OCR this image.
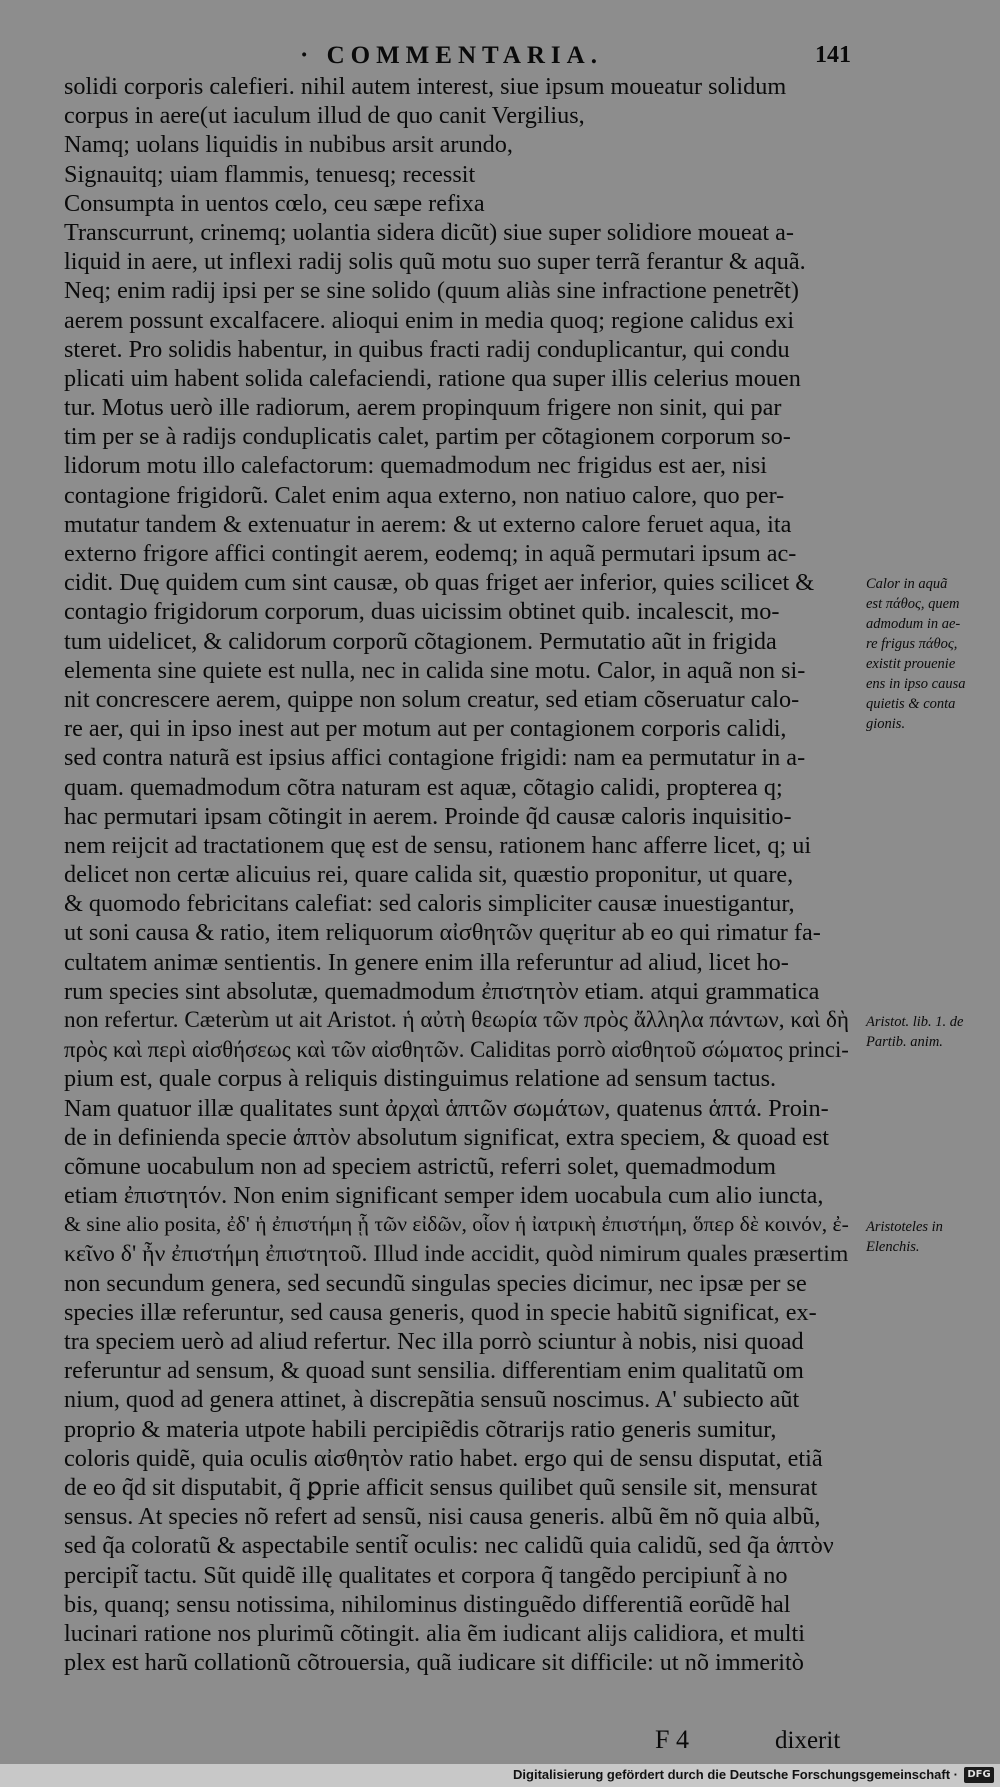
· COMMENTARIA.	141
solidi corporis calefieri. nihil autem interest, siue ipsum moueatur solidum
corpus in aere(ut iaculum illud de quo canit Vergilius,
Namq; uolans liquidis in nubibus arsit arundo,
Signauitq; uiam flammis, tenuesq; recessit
Consumpta in uentos cœlo, ceu sæpe refixa
Transcurrunt, crinemq; uolantia sidera dicũt) siue super solidiore moueat a-
liquid in aere, ut inflexi radij solis quũ motu suo super terrã ferantur & aquã.
Neq; enim radij ipsi per se sine solido (quum aliàs sine infractione penetrẽt)
aerem possunt excalfacere. alioqui enim in media quoq; regione calidus exi
steret. Pro solidis habentur, in quibus fracti radij conduplicantur, qui condu
plicati uim habent solida calefaciendi, ratione qua super illis celerius mouen
tur. Motus uerò ille radiorum, aerem propinquum frigere non sinit, qui par
tim per se à radijs conduplicatis calet, partim per cõtagionem corporum so-
lidorum motu illo calefactorum: quemadmodum nec frigidus est aer, nisi
contagione frigidorũ. Calet enim aqua externo, non natiuo calore, quo per-
mutatur tandem & extenuatur in aerem: & ut externo calore feruet aqua, ita
externo frigore affici contingit aerem, eodemq; in aquã permutari ipsum ac-
cidit. Duę quidem cum sint causæ, ob quas friget aer inferior, quies scilicet &
contagio frigidorum corporum, duas uicissim obtinet quib. incalescit, mo-
tum uidelicet, & calidorum corporũ cõtagionem. Permutatio aũt in frigida
elementa sine quiete est nulla, nec in calida sine motu. Calor, in aquã non si-
nit concrescere aerem, quippe non solum creatur, sed etiam cõseruatur calo-
re aer, qui in ipso inest aut per motum aut per contagionem corporis calidi,
sed contra naturã est ipsius affici contagione frigidi: nam ea permutatur in a-
quam. quemadmodum cõtra naturam est aquæ, cõtagio calidi, propterea q;
hac permutari ipsam cõtingit in aerem. Proinde q̃d causæ caloris inquisitio-
nem reijcit ad tractationem quę est de sensu, rationem hanc afferre licet, q; ui
delicet non certæ alicuius rei, quare calida sit, quæstio proponitur, ut quare,
& quomodo febricitans calefiat: sed caloris simpliciter causæ inuestigantur,
ut soni causa & ratio, item reliquorum αἰσθητῶν quęritur ab eo qui rimatur fa-
cultatem animæ sentientis. In genere enim illa referuntur ad aliud, licet ho-
rum species sint absolutæ, quemadmodum ἐπιστητὸν etiam. atqui grammatica
non refertur. Cæterùm ut ait Aristot. ἡ αὐτὴ θεωρία τῶν πρὸς ἄλληλα πάντων, καὶ δὴ
πρὸς καὶ περὶ αἰσθήσεως καὶ τῶν αἰσθητῶν. Caliditas porrò αἰσθητοῦ σώματος princi-
pium est, quale corpus à reliquis distinguimus relatione ad sensum tactus.
Nam quatuor illæ qualitates sunt ἀρχαὶ ἁπτῶν σωμάτων, quatenus ἁπτά. Proin-
de in definienda specie ἁπτὸν absolutum significat, extra speciem, & quoad est
cõmune uocabulum non ad speciem astrictũ, referri solet, quemadmodum
etiam ἐπιστητόν. Non enim significant semper idem uocabula cum alio iuncta,
& sine alio posita, ἐδ' ἡ ἐπιστήμη ᾗ τῶν εἰδῶν, οἷον ἡ ἰατρικὴ ἐπιστήμη, ὅπερ δὲ κοινόν, ἐ-
κεῖνο δ' ἦν ἐπιστήμη ἐπιστητοῦ. Illud inde accidit, quòd nimirum quales præsertim
non secundum genera, sed secundũ singulas species dicimur, nec ipsæ per se
species illæ referuntur, sed causa generis, quod in specie habitũ significat, ex-
tra speciem uerò ad aliud refertur. Nec illa porrò sciuntur à nobis, nisi quoad
referuntur ad sensum, & quoad sunt sensilia. differentiam enim qualitatũ om
nium, quod ad genera attinet, à discrepãtia sensuũ noscimus. A' subiecto aũt
proprio & materia utpote habili percipiẽdis cõtrarijs ratio generis sumitur,
coloris quidẽ, quia oculis αἰσθητὸν ratio habet. ergo qui de sensu disputat, etiã
de eo q̃d sit disputabit, q̃ ꝑprie afficit sensus quilibet quũ sensile sit, mensurat
sensus. At species nõ refert ad sensũ, nisi causa generis. albũ ẽm nõ quia albũ,
sed q̃a coloratũ & aspectabile sentit̃ oculis: nec calidũ quia calidũ, sed q̃a ἁπτὸν
percipit̃ tactu. Sũt quidẽ illę qualitates et corpora q̃ tangẽdo percipiunt̃ à no
bis, quanq; sensu notissima, nihilominus distinguẽdo differentiã eorũdẽ hal
lucinari ratione nos plurimũ cõtingit. alia ẽm iudicant alijs calidiora, et multi
plex est harũ collationũ cõtrouersia, quã iudicare sit difficile: ut nõ immeritò
Calor in aquã
est πάθος, quem
admodum in ae-
re frigus πάθος,
existit prouenie
ens in ipso causa
quietis & conta
gionis.
Aristot. lib. 1. de
Partib. anim.
Aristoteles in
Elenchis.
F 4	dixerit
Digitalisierung gefördert durch die Deutsche Forschungsgemeinschaft · DFG
